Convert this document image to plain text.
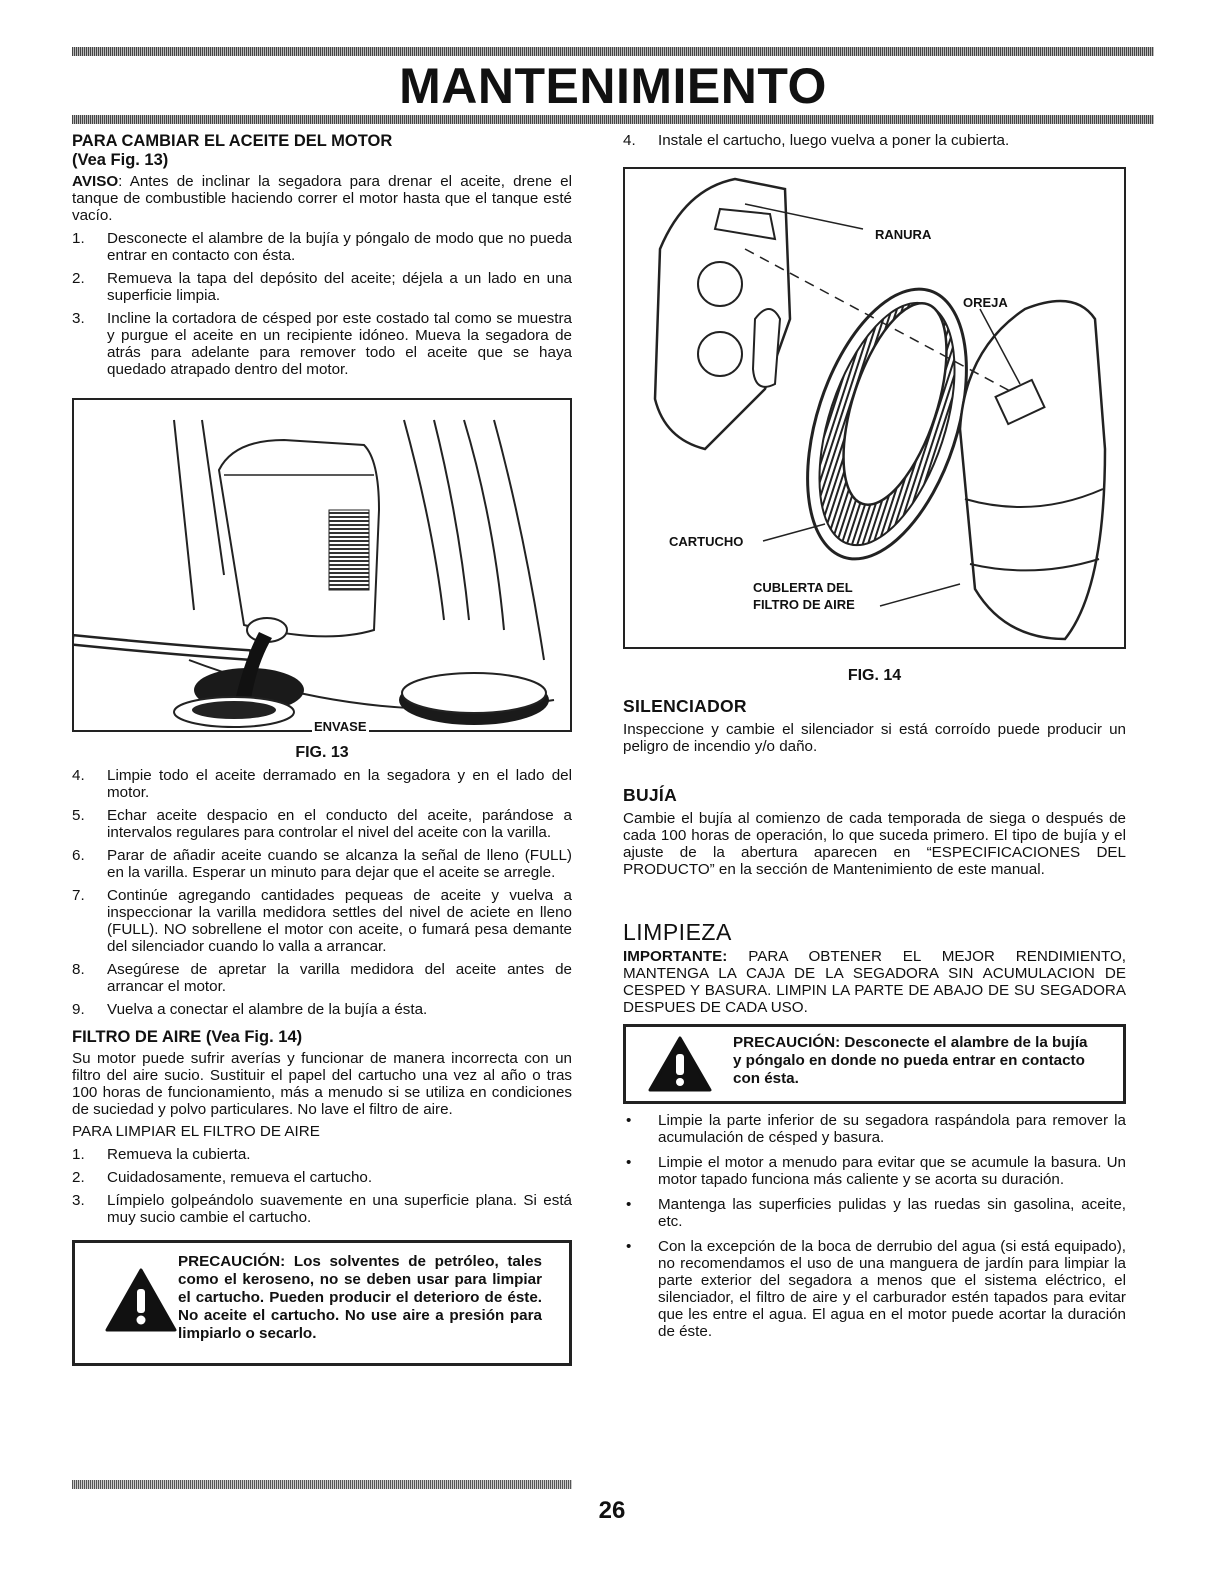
MANTENIMIENTO
PARA CAMBIAR EL ACEITE DEL MOTOR
(Vea Fig. 13)

AVISO: Antes de inclinar la segadora para drenar el aceite, drene el tanque de combustible haciendo correr el motor hasta que el tanque esté vacío.

1. Desconecte el alambre de la bujía y póngalo de modo que no pueda entrar en contacto con ésta.
2. Remueva la tapa del depósito del aceite; déjela a un lado en una superficie limpia.
3. Incline la cortadora de césped por este costado tal como se muestra y purgue el aceite en un recipiente idóneo. Mueva la segadora de atrás para adelante para remover todo el aceite que se haya quedado atrapado dentro del motor.
ENVASE
FIG. 13
4. Limpie todo el aceite derramado en la segadora y en el lado del motor.
5. Echar aceite despacio en el conducto del aceite, parándose a intervalos regulares para controlar el nivel del aceite con la varilla.
6. Parar de añadir aceite cuando se alcanza la señal de lleno (FULL) en la varilla. Esperar un minuto para dejar que el aceite se arregle.
7. Continúe agregando cantidades pequeas de aceite y vuelva a inspeccionar la varilla medidora settles del nivel de aciete en lleno (FULL). NO sobrellene el motor con aceite, o fumará pesa demante del silenciador cuando lo valla a arrancar.
8. Asegúrese de apretar la varilla medidora del aceite antes de arrancar el motor.
9. Vuelva a conectar el alambre de la bujía a ésta.
FILTRO DE AIRE (Vea Fig. 14)

Su motor puede sufrir averías y funcionar de manera incorrecta con un filtro del aire sucio. Sustituir el papel del cartucho una vez al año o tras 100 horas de funcionamiento, más a menudo si se utiliza en condiciones de suciedad y polvo particulares. No lave el filtro de aire.

PARA LIMPIAR EL FILTRO DE AIRE

1. Remueva la cubierta.
2. Cuidadosamente, remueva el cartucho.
3. Límpielo golpeándolo suavemente en una superficie plana. Si está muy sucio cambie el cartucho.
PRECAUCIÓN: Los solventes de petróleo, tales como el keroseno, no se deben usar para limpiar el cartucho. Pueden producir el deterioro de éste. No aceite el cartucho. No use aire a presión para limpiarlo o secarlo.
4. Instale el cartucho, luego vuelva a poner la cubierta.
RANURA
OREJA
CARTUCHO
CUBLERTA DEL
FILTRO DE AIRE
FIG. 14
SILENCIADOR

Inspeccione y cambie el silenciador si está corroído puede producir un peligro de incendio y/o daño.

BUJÍA

Cambie el bujía al comienzo de cada temporada de siega o después de cada 100 horas de operación, lo que suceda primero. El tipo de bujía y el ajuste de la abertura aparecen en “ESPECIFICACIONES DEL PRODUCTO” en la sección de Mantenimiento de este manual.

LIMPIEZA

IMPORTANTE: PARA OBTENER EL MEJOR RENDIMIENTO, MANTENGA LA CAJA DE LA SEGADORA SIN ACUMULACION DE CESPED Y BASURA. LIMPIN LA PARTE DE ABAJO DE SU SEGADORA DESPUES DE CADA USO.

PRECAUCIÓN: Desconecte el alambre de la bujía y póngalo en donde no pueda entrar en contacto con ésta.
• Limpie la parte inferior de su segadora raspándola para remover la acumulación de césped y basura.
• Limpie el motor a menudo para evitar que se acumule la basura. Un motor tapado funciona más caliente y se acorta su duración.
• Mantenga las superficies pulidas y las ruedas sin gasolina, aceite, etc.
• Con la excepción de la boca de derrubio del agua (si está equipado), no recomendamos el uso de una manguera de jardín para limpiar la parte exterior del segadora a menos que el sistema eléctrico, el silenciador, el filtro de aire y el carburador estén tapados para evitar que les entre el agua. El agua en el motor puede acortar la duración de éste.
26
